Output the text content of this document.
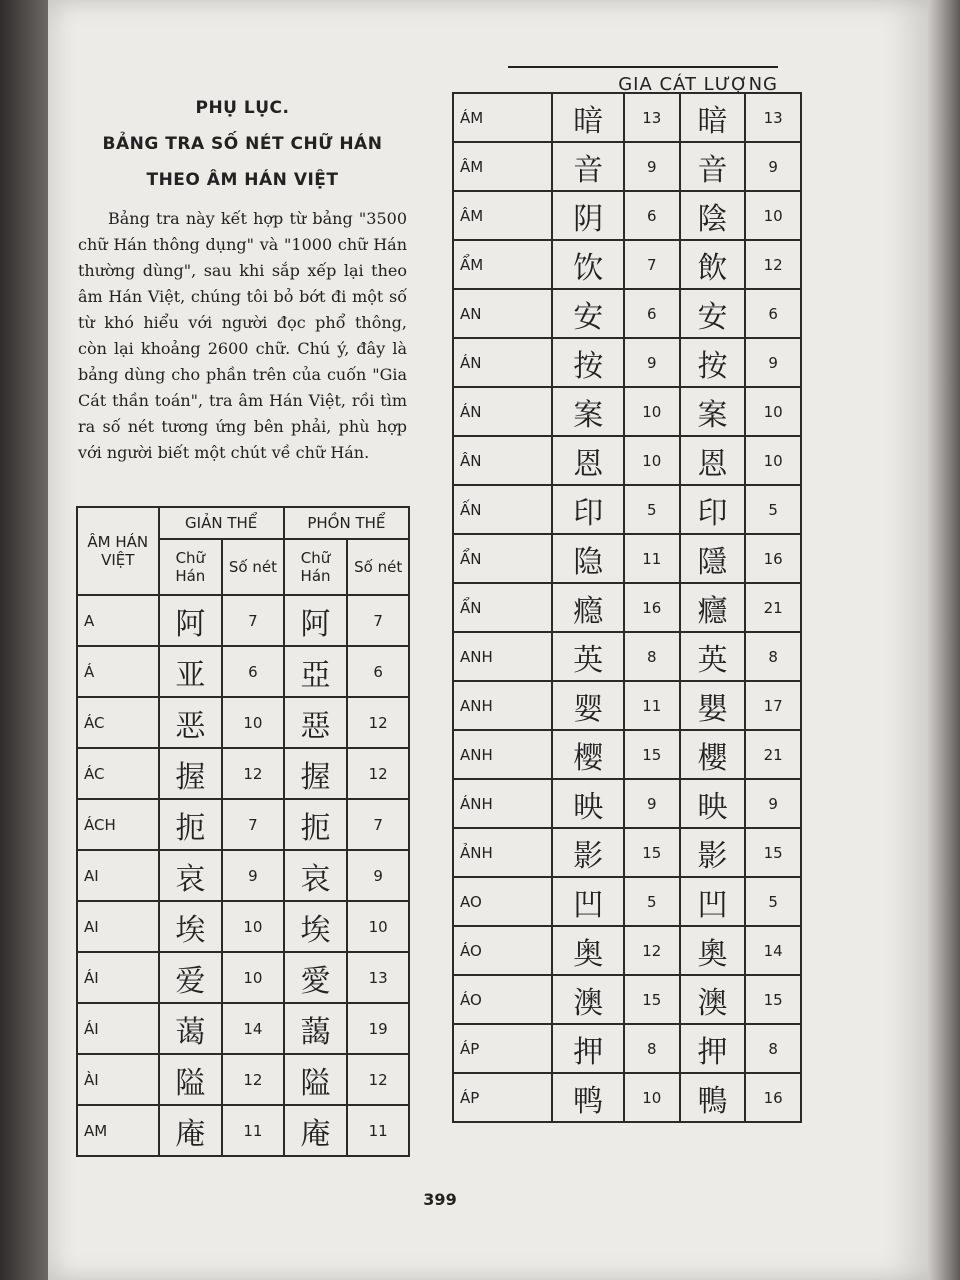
GIA CÁT LƯỢNG
PHỤ LỤC.
BẢNG TRA SỐ NÉT CHỮ HÁN
THEO ÂM HÁN VIỆT
Bảng tra này kết hợp từ bảng "3500 chữ Hán thông dụng" và "1000 chữ Hán thường dùng", sau khi sắp xếp lại theo âm Hán Việt, chúng tôi bỏ bớt đi một số từ khó hiểu với người đọc phổ thông, còn lại khoảng 2600 chữ. Chú ý, đây là bảng dùng cho phần trên của cuốn "Gia Cát thần toán", tra âm Hán Việt, rồi tìm ra số nét tương ứng bên phải, phù hợp với người biết một chút về chữ Hán.
ÂM HÁN VIỆT	GIẢN THỂ		PHỒN THỂ	
	Chữ Hán	Số nét	Chữ Hán	Số nét
A	阿	7	阿	7
Á	亚	6	亞	6
ÁC	恶	10	惡	12
ÁC	握	12	握	12
ÁCH	扼	7	扼	7
AI	哀	9	哀	9
AI	埃	10	埃	10
ÁI	爱	10	愛	13
ÁI	蔼	14	藹	19
ÀI	隘	12	隘	12
AM	庵	11	庵	11
ÁM	暗	13	暗	13
ÂM	音	9	音	9
ÂM	阴	6	陰	10
ẨM	饮	7	飲	12
AN	安	6	安	6
ÁN	按	9	按	9
ÁN	案	10	案	10
ÂN	恩	10	恩	10
ẤN	印	5	印	5
ẨN	隐	11	隱	16
ẨN	瘾	16	癮	21
ANH	英	8	英	8
ANH	婴	11	嬰	17
ANH	樱	15	櫻	21
ÁNH	映	9	映	9
ẢNH	影	15	影	15
AO	凹	5	凹	5
ÁO	奥	12	奧	14
ÁO	澳	15	澳	15
ÁP	押	8	押	8
ÁP	鸭	10	鴨	16
399
